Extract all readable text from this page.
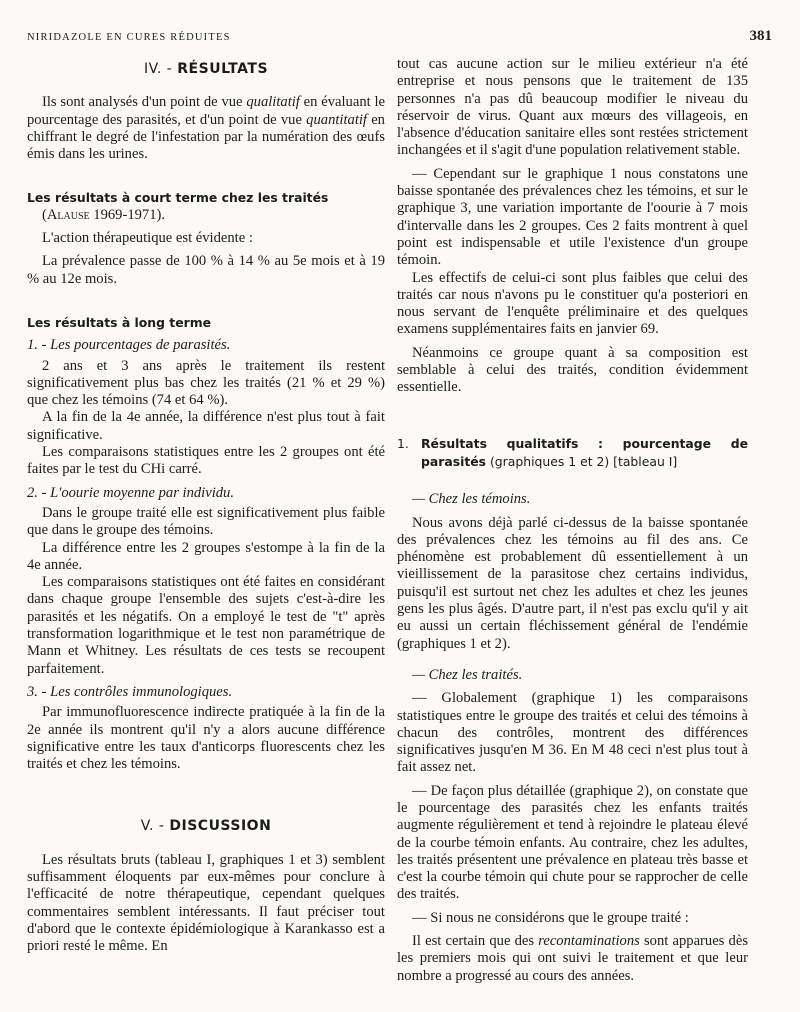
NIRIDAZOLE EN CURES RÉDUITES	381
IV. - RÉSULTATS

Ils sont analysés d'un point de vue qualitatif en évaluant le pourcentage des parasités, et d'un point de vue quantitatif en chiffrant le degré de l'infestation par la numération des œufs émis dans les urines.

Les résultats à court terme chez les traités

(Alause 1969-1971).

L'action thérapeutique est évidente :

La prévalence passe de 100 % à 14 % au 5e mois et à 19 % au 12e mois.

Les résultats à long terme

1. - Les pourcentages de parasités.

2 ans et 3 ans après le traitement ils restent significativement plus bas chez les traités (21 % et 29 %) que chez les témoins (74 et 64 %).

A la fin de la 4e année, la différence n'est plus tout à fait significative.

Les comparaisons statistiques entre les 2 groupes ont été faites par le test du CHi carré.

2. - L'oourie moyenne par individu.

Dans le groupe traité elle est significativement plus faible que dans le groupe des témoins.

La différence entre les 2 groupes s'estompe à la fin de la 4e année.

Les comparaisons statistiques ont été faites en considérant dans chaque groupe l'ensemble des sujets c'est-à-dire les parasités et les négatifs. On a employé le test de "t" après transformation logarithmique et le test non paramétrique de Mann et Whitney. Les résultats de ces tests se recoupent parfaitement.

3. - Les contrôles immunologiques.

Par immunofluorescence indirecte pratiquée à la fin de la 2e année ils montrent qu'il n'y a alors aucune différence significative entre les taux d'anticorps fluorescents chez les traités et chez les témoins.

V. - DISCUSSION

Les résultats bruts (tableau I, graphiques 1 et 3) semblent suffisamment éloquents par eux-mêmes pour conclure à l'efficacité de notre thérapeutique, cependant quelques commentaires semblent intéressants. Il faut préciser tout d'abord que le contexte épidémiologique à Karankasso est a priori resté le même. En

tout cas aucune action sur le milieu extérieur n'a été entreprise et nous pensons que le traitement de 135 personnes n'a pas dû beaucoup modifier le niveau du réservoir de virus. Quant aux mœurs des villageois, en l'absence d'éducation sanitaire elles sont restées strictement inchangées et il s'agit d'une population relativement stable.

— Cependant sur le graphique 1 nous constatons une baisse spontanée des prévalences chez les témoins, et sur le graphique 3, une variation importante de l'oourie à 7 mois d'intervalle dans les 2 groupes. Ces 2 faits montrent à quel point est indispensable et utile l'existence d'un groupe témoin.

Les effectifs de celui-ci sont plus faibles que celui des traités car nous n'avons pu le constituer qu'a posteriori en nous servant de l'enquête préliminaire et des quelques examens supplémentaires faits en janvier 69.

Néanmoins ce groupe quant à sa composition est semblable à celui des traités, condition évidemment essentielle.

1. Résultats qualitatifs : pourcentage de parasités (graphiques 1 et 2) [tableau I]

— Chez les témoins.

Nous avons déjà parlé ci-dessus de la baisse spontanée des prévalences chez les témoins au fil des ans. Ce phénomène est probablement dû essentiellement à un vieillissement de la parasitose chez certains individus, puisqu'il est surtout net chez les adultes et chez les jeunes gens les plus âgés. D'autre part, il n'est pas exclu qu'il y ait eu aussi un certain fléchissement général de l'endémie (graphiques 1 et 2).

— Chez les traités.

— Globalement (graphique 1) les comparaisons statistiques entre le groupe des traités et celui des témoins à chacun des contrôles, montrent des différences significatives jusqu'en M 36. En M 48 ceci n'est plus tout à fait assez net.

— De façon plus détaillée (graphique 2), on constate que le pourcentage des parasités chez les enfants traités augmente régulièrement et tend à rejoindre le plateau élevé de la courbe témoin enfants. Au contraire, chez les adultes, les traités présentent une prévalence en plateau très basse et c'est la courbe témoin qui chute pour se rapprocher de celle des traités.

— Si nous ne considérons que le groupe traité :

Il est certain que des recontaminations sont apparues dès les premiers mois qui ont suivi le traitement et que leur nombre a progressé au cours des années.
